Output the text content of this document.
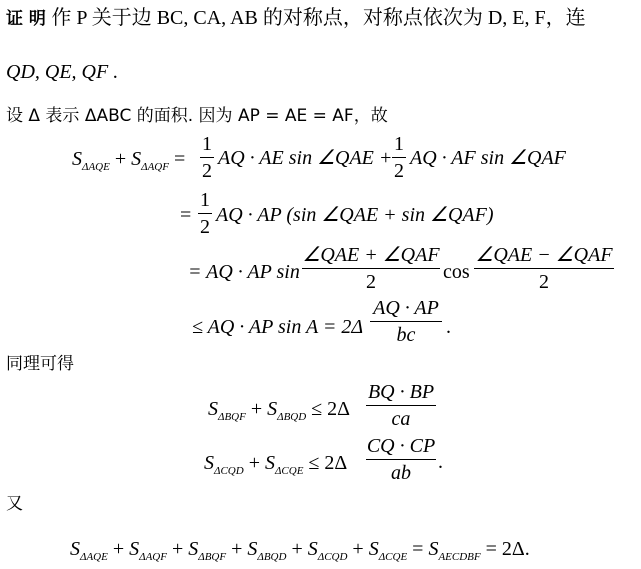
证 明 作 P 关于边 BC, CA, AB 的对称点，对称点依次为 D, E, F，连
QD, QE, QF .
设 Δ 表示 ΔABC 的面积. 因为 AP = AE = AF，故
$S_{\Delta AQE} + S_{\Delta AQF}$ =
1
2
AQ · AE sin ∠QAE +
1
2
AQ · AF sin ∠QAF
=
1
2
AQ · AP (sin ∠QAE + sin ∠QAF)
= AQ · AP sin
∠QAE + ∠QAF
2	cos
∠QAE − ∠QAF
2
≤ AQ · AP sin A = 2Δ
AQ · AP
bc	.
同理可得
$S_{\Delta BQF} + S_{\Delta BQD} \le 2\Delta$
BQ · BP
ca
$S_{\Delta CQD} + S_{\Delta CQE} \le 2\Delta$
CQ · CP
ab	.
又
$S_{\Delta AQE} + S_{\Delta AQF} + S_{\Delta BQF} + S_{\Delta BQD} + S_{\Delta CQD} + S_{\Delta CQE} = S_{AECDBF} = 2\Delta$.
